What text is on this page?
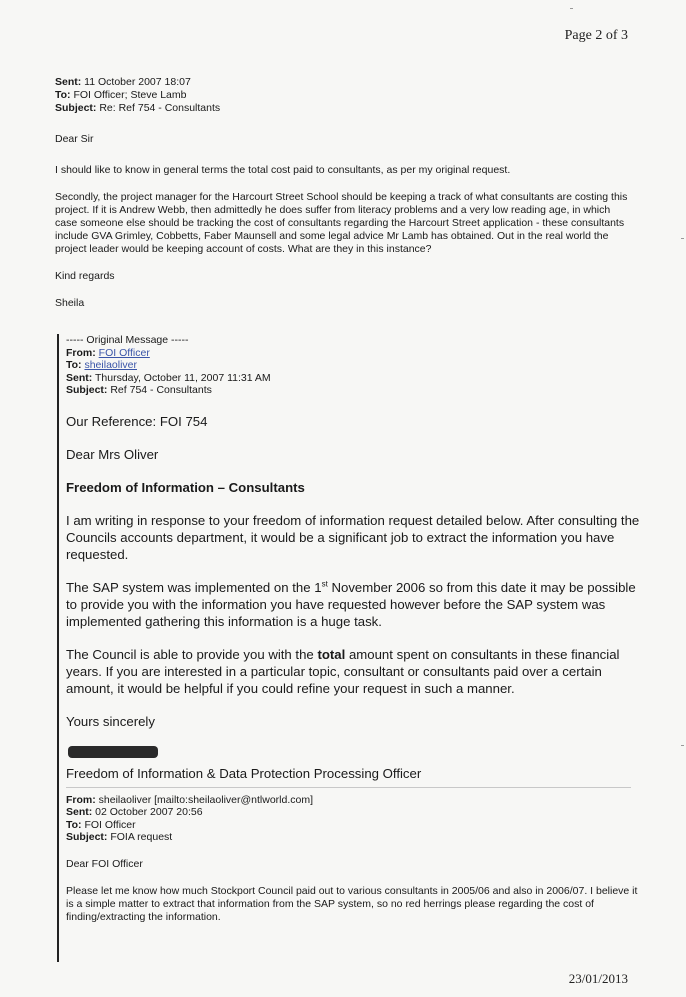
Page 2 of 3
Sent: 11 October 2007 18:07
To: FOI Officer; Steve Lamb
Subject: Re: Ref 754 - Consultants

Dear Sir

I should like to know in general terms the total cost paid to consultants, as per my original request.

Secondly, the project manager for the Harcourt Street School should be keeping a track of what consultants are costing this project. If it is Andrew Webb, then admittedly he does suffer from literacy problems and a very low reading age, in which case someone else should be tracking the cost of consultants regarding the Harcourt Street application - these consultants include GVA Grimley, Cobbetts, Faber Maunsell and some legal advice Mr Lamb has obtained. Out in the real world the project leader would be keeping account of costs. What are they in this instance?

Kind regards

Sheila

----- Original Message -----
From: FOI Officer
To: sheilaoliver
Sent: Thursday, October 11, 2007 11:31 AM
Subject: Ref 754 - Consultants

Our Reference: FOI 754

Dear Mrs Oliver

Freedom of Information – Consultants

I am writing in response to your freedom of information request detailed below. After consulting the Councils accounts department, it would be a significant job to extract the information you have requested.

The SAP system was implemented on the 1st November 2006 so from this date it may be possible to provide you with the information you have requested however before the SAP system was implemented gathering this information is a huge task.

The Council is able to provide you with the total amount spent on consultants in these financial years. If you are interested in a particular topic, consultant or consultants paid over a certain amount, it would be helpful if you could refine your request in such a manner.

Yours sincerely

Freedom of Information & Data Protection Processing Officer

From: sheilaoliver [mailto:sheilaoliver@ntlworld.com]
Sent: 02 October 2007 20:56
To: FOI Officer
Subject: FOIA request

Dear FOI Officer

Please let me know how much Stockport Council paid out to various consultants in 2005/06 and also in 2006/07. I believe it is a simple matter to extract that information from the SAP system, so no red herrings please regarding the cost of finding/extracting the information.

23/01/2013
